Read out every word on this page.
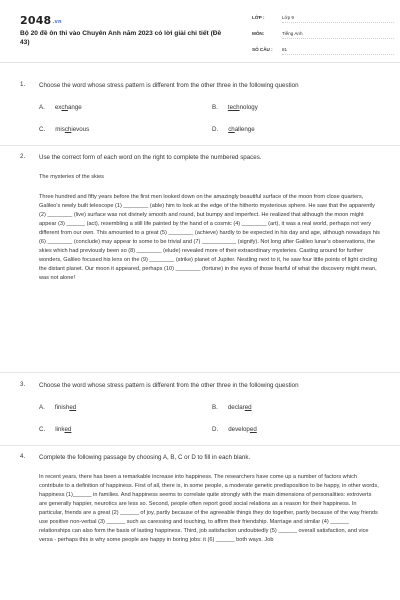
2048.vn
Bộ 20 đề ôn thi vào Chuyên Anh năm 2023 có lời giải chi tiết (Đề 43)
LỚP :	Lớp 9
MÔN:	Tiếng Anh
SỐ CÂU : 81
1. Choose the word whose stress pattern is different from the other three in the following question
A. exchange	B. technology
C. mischievous	D. challenge
2. Use the correct form of each word on the right to complete the numbered spaces.
The mysteries of the skies
Three hundred and fifty years before the first men looked down on the amazingly beautiful surface of the moon from close quarters, Galileo's newly built telescope (1) ________ (able) him to look at the edge of the hitherto mysterious sphere. He saw that the apparently (2) ________ (live) surface was not divinely smooth and round, but bumpy and imperfect. He realized that although the moon might appear (3) ______ (act), resembling a still life painted by the hand of a cosmic (4) ________ (art), it was a real world, perhaps not very different from our own. This amounted to a great (5) ________ (achieve) hardly to be expected in his day and age, although nowadays his (6) ________ (conclude) may appear to some to be trivial and (7) ___________ (signify). Not long after Galileo lunar's observations, the skies which had previously been so (8) ________ (elude) revealed more of their extraordinary mysteries. Casting around for further wonders, Galileo focused his lens on the (9) ________ (strike) planet of Jupiter. Nestling next to it, he saw four little points of light circling the distant planet. Our moon it appeared, perhaps (10) ________ (fortune) in the eyes of those fearful of what the discovery might mean, was not alone!
3. Choose the word whose stress pattern is different from the other three in the following question
A. finished	B. declared
C. linked	D. developed
4. Complete the following passage by choosing A, B, C or D to fill in each blank.
In recent years, there has been a remarkable increase into happiness. The researchers have come up a number of factors which contribute to a definition of happiness. First of all, there is, in some people, a moderate genetic predisposition to be happy, in other words, happiness (1)______ in families. And happiness seems to correlate quite strongly with the main dimensions of personalities: extroverts are generally happier, neurotics are less so. Second, people often report good social relations as a reason for their happiness. In particular, friends are a great (2) ______ of joy, partly because of the agreeable things they do together, partly because of the way friends use positive non-verbal (3) ______ such as caressing and touching, to affirm their friendship. Marriage and similar (4) ______ relationships can also form the basis of lasting happiness. Third, job satisfaction undoubtedly (5) ______ overall satisfaction, and vice versa - perhaps this is why some people are happy in boring jobs: it (6) ______ both ways. Job
